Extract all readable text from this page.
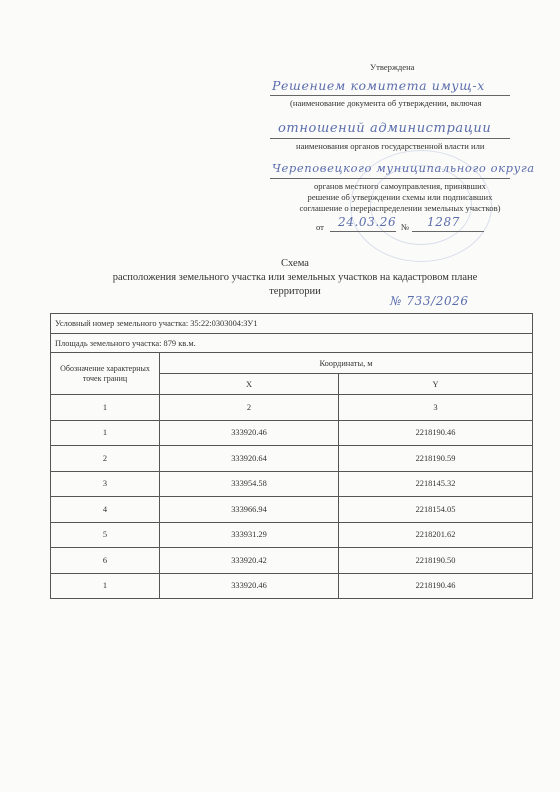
Утверждена
Решением комитета имущ-х
(наименование документа об утверждении, включая
отношений администрации
наименования органов государственной власти или
Череповецкого муниципального округа
органов местного самоуправления, принявших
решение об утверждении схемы или подписавших
соглашение о перераспределении земельных участков)
от 24.03.26 № 1287
Схема
расположения земельного участка или земельных участков на кадастровом плане
территории
№ 733/2026
Условный номер земельного участка: 35:22:0303004:ЗУ1		
Площадь земельного участка: 879 кв.м.		
Обозначение характерных точек границ	Координаты, м	
	X	Y
1	2	3
1	333920.46	2218190.46
2	333920.64	2218190.59
3	333954.58	2218145.32
4	333966.94	2218154.05
5	333931.29	2218201.62
6	333920.42	2218190.50
1	333920.46	2218190.46
